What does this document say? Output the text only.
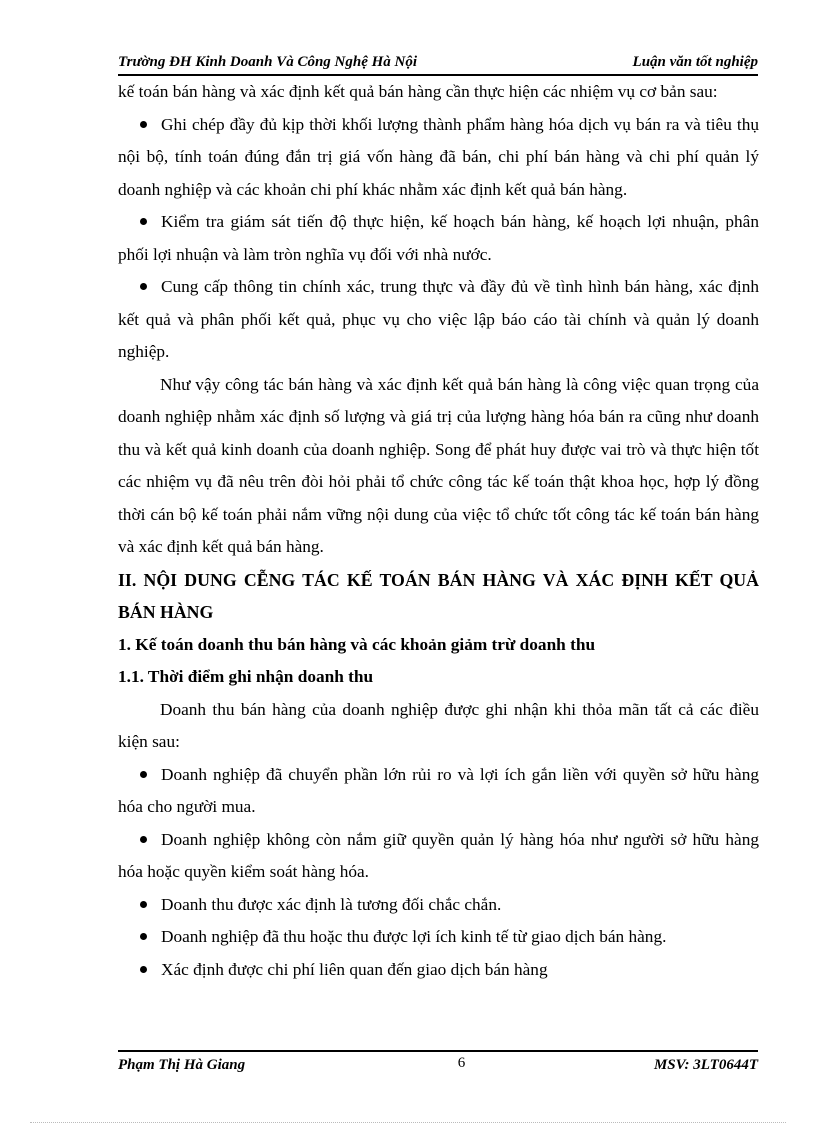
Trường ĐH Kinh Doanh Và Công Nghệ Hà Nội	Luận văn tốt nghiệp

kế toán bán hàng và xác định kết quả bán hàng cần thực hiện các nhiệm vụ cơ bản sau:

Ghi chép đầy đủ kịp thời khối lượng thành phẩm hàng hóa dịch vụ bán ra và tiêu thụ nội bộ, tính toán đúng đắn trị giá vốn hàng đã bán, chi phí bán hàng và chi phí quản lý doanh nghiệp và các khoản chi phí khác nhằm xác định kết quả bán hàng.

Kiểm tra giám sát tiến độ thực hiện, kế hoạch bán hàng, kế hoạch lợi nhuận, phân phối lợi nhuận và làm tròn nghĩa vụ đối với nhà nước.

Cung cấp thông tin chính xác, trung thực và đầy đủ về tình hình bán hàng, xác định kết quả và phân phối kết quả, phục vụ cho việc lập báo cáo tài chính và quản lý doanh nghiệp.

Như vậy công tác bán hàng và xác định kết quả bán hàng là công việc quan trọng của doanh nghiệp nhằm xác định số lượng và giá trị của lượng hàng hóa bán ra cũng như doanh thu và kết quả kinh doanh của doanh nghiệp. Song để phát huy được vai trò và thực hiện tốt các nhiệm vụ đã nêu trên đòi hỏi phải tổ chức công tác kế toán thật khoa học, hợp lý đồng thời cán bộ kế toán phải nắm vững nội dung của việc tổ chức tốt công tác kế toán bán hàng và xác định kết quả bán hàng.

II. NỘI DUNG CỄNG TÁC KẾ TOÁN BÁN HÀNG VÀ XÁC ĐỊNH KẾT QUẢ BÁN HÀNG

1. Kế toán doanh thu bán hàng và các khoản giảm trừ doanh thu

1.1. Thời điểm ghi nhận doanh thu

Doanh thu bán hàng của doanh nghiệp được ghi nhận khi thỏa mãn tất cả các điều kiện sau:

Doanh nghiệp đã chuyển phần lớn rủi ro và lợi ích gắn liền với quyền sở hữu hàng hóa cho người mua.

Doanh nghiệp không còn nắm giữ quyền quản lý hàng hóa như người sở hữu hàng hóa hoặc quyền kiểm soát hàng hóa.

Doanh thu được xác định là tương đối chắc chắn.

Doanh nghiệp đã thu hoặc thu được lợi ích kinh tế từ giao dịch bán hàng.

Xác định được chi phí liên quan đến giao dịch bán hàng

Phạm Thị Hà Giang	6	MSV: 3LT0644T
